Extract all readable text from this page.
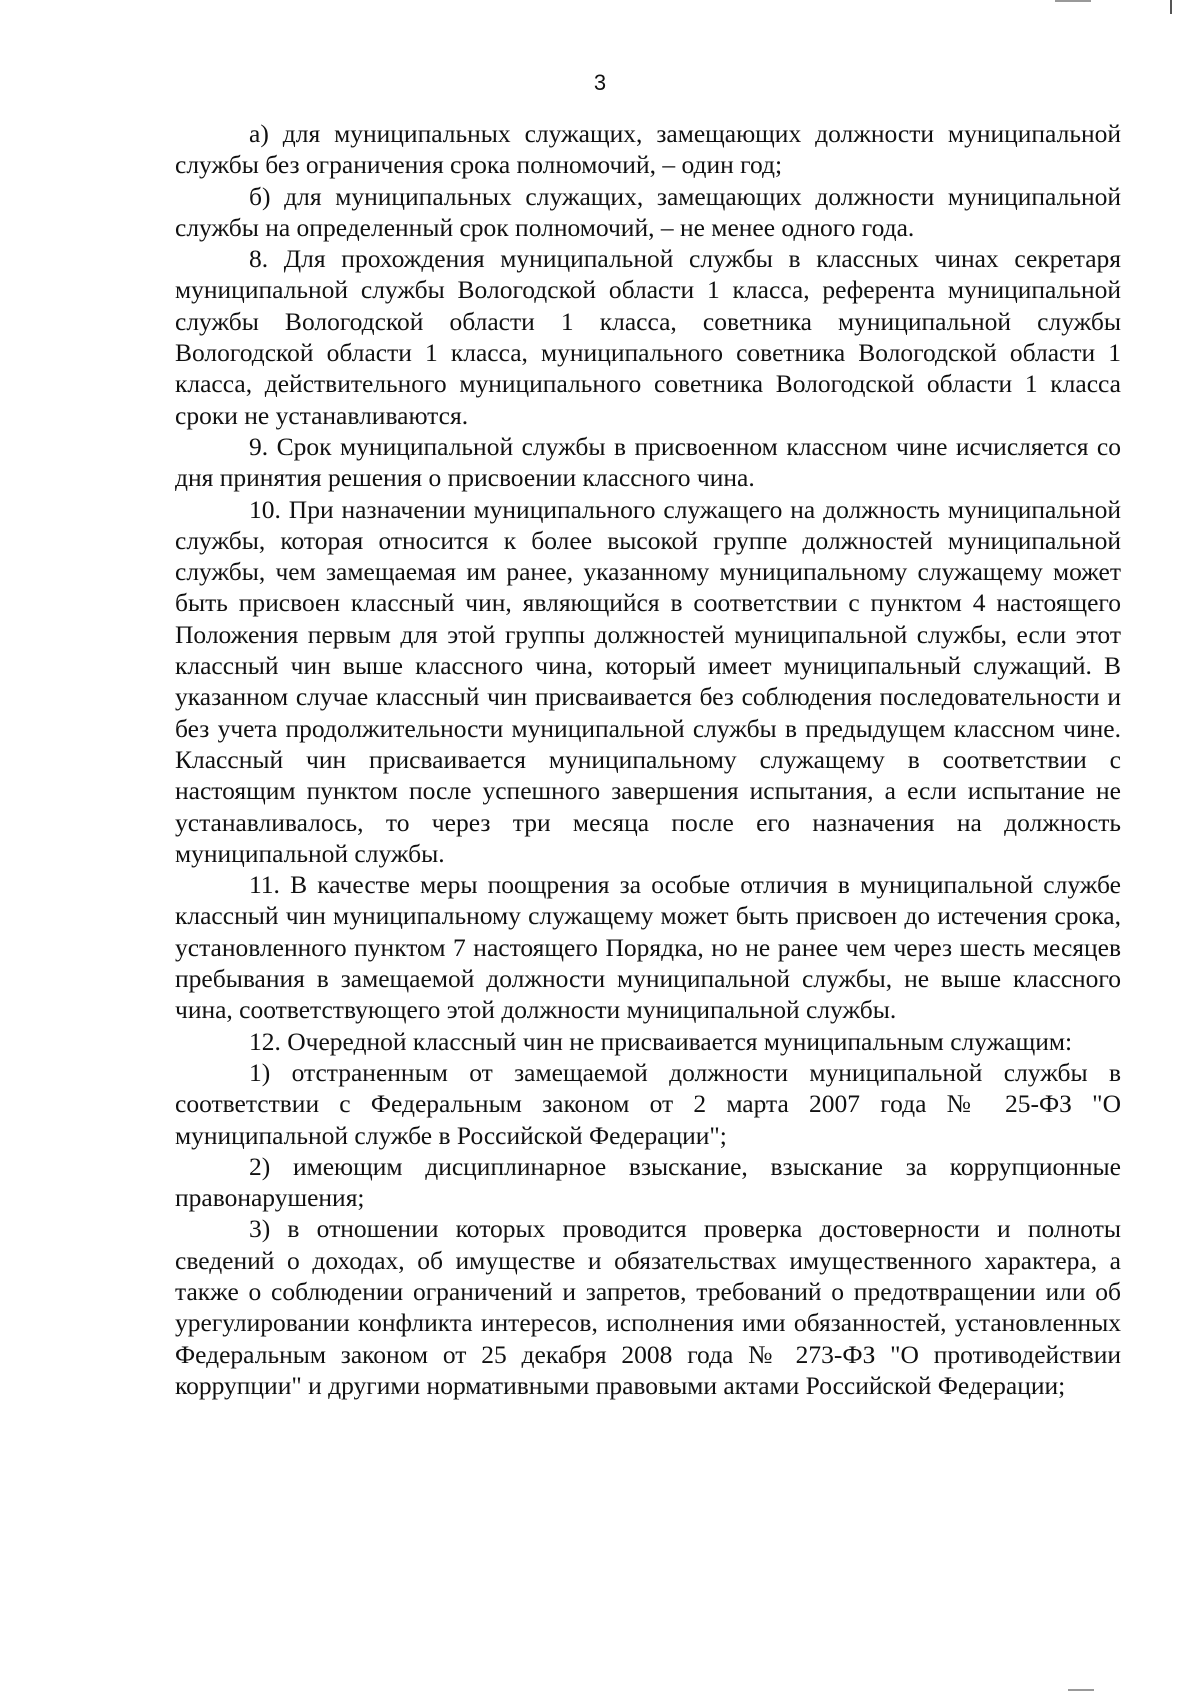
3

а) для муниципальных служащих, замещающих должности муниципальной службы без ограничения срока полномочий, – один год;

б) для муниципальных служащих, замещающих должности муниципальной службы на определенный срок полномочий, – не менее одного года.

8. Для прохождения муниципальной службы в классных чинах секретаря муниципальной службы Вологодской области 1 класса, референта муниципальной службы Вологодской области 1 класса, советника муниципальной службы Вологодской области 1 класса, муниципального советника Вологодской области 1 класса, действительного муниципального советника Вологодской области 1 класса сроки не устанавливаются.

9. Срок муниципальной службы в присвоенном классном чине исчисляется со дня принятия решения о присвоении классного чина.

10. При назначении муниципального служащего на должность муниципальной службы, которая относится к более высокой группе должностей муниципальной службы, чем замещаемая им ранее, указанному муниципальному служащему может быть присвоен классный чин, являющийся в соответствии с пунктом 4 настоящего Положения первым для этой группы должностей муниципальной службы, если этот классный чин выше классного чина, который имеет муниципальный служащий. В указанном случае классный чин присваивается без соблюдения последовательности и без учета продолжительности муниципальной службы в предыдущем классном чине. Классный чин присваивается муниципальному служащему в соответствии с настоящим пунктом после успешного завершения испытания, а если испытание не устанавливалось, то через три месяца после его назначения на должность муниципальной службы.

11. В качестве меры поощрения за особые отличия в муниципальной службе классный чин муниципальному служащему может быть присвоен до истечения срока, установленного пунктом 7 настоящего Порядка, но не ранее чем через шесть месяцев пребывания в замещаемой должности муниципальной службы, не выше классного чина, соответствующего этой должности муниципальной службы.

12. Очередной классный чин не присваивается муниципальным служащим:

1) отстраненным от замещаемой должности муниципальной службы в соответствии с Федеральным законом от 2 марта 2007 года № 25-ФЗ "О муниципальной службе в Российской Федерации";

2) имеющим дисциплинарное взыскание, взыскание за коррупционные правонарушения;

3) в отношении которых проводится проверка достоверности и полноты сведений о доходах, об имуществе и обязательствах имущественного характера, а также о соблюдении ограничений и запретов, требований о предотвращении или об урегулировании конфликта интересов, исполнения ими обязанностей, установленных Федеральным законом от 25 декабря 2008 года № 273-ФЗ "О противодействии коррупции" и другими нормативными правовыми актами Российской Федерации;
